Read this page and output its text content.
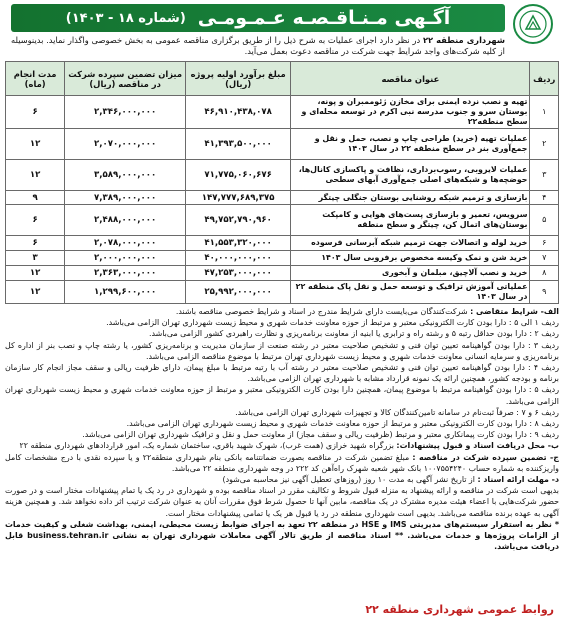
آگـهی مـنـاقـصـه عـمـومـی
(شماره ۱۸ - ۱۴۰۳)
شهرداری منطقه ۲۲ در نظر دارد اجرای عملیات به شرح ذیل را از طریق برگزاری مناقصه عمومی به بخش خصوصی واگذار نماید. بدینوسیله از کلیه شرکت‌های واجد شرایط جهت شرکت در مناقصه دعوت بعمل می‌آید.
ردیف	عنوان مناقصه	مبلغ برآورد اولیه پروژه (ریال)	میزان تضمین سپرده شرکت در مناقصه (ریال)	مدت انجام (ماه)
۱	تهیه و نصب نرده ایمنی برای مخازن ژئوممبران و پونه، بوستان سرو و جنوب مدرسه نبی اکرم در توسعه محله‌ای و سطح منطقه۲۲	۴۶,۹۱۰,۴۳۸,۰۷۸	۲,۳۴۶,۰۰۰,۰۰۰	۶
۲	عملیات تهیه (خرید) طراحی چاپ و نصب، حمل و نقل و جمع‌آوری بنر در سطح منطقه ۲۲ در سال ۱۴۰۳	۴۱,۳۹۳,۵۰۰,۰۰۰	۲,۰۷۰,۰۰۰,۰۰۰	۱۲
۳	عملیات لایروبی، رسوب‌برداری، نظافت و پاکسازی کانال‌ها، حوضچه‌ها و شبکه‌های اصلی جمع‌آوری آبهای سطحی	۷۱,۷۷۵,۰۶۰,۶۷۶	۳,۵۸۹,۰۰۰,۰۰۰	۱۲
۴	بازسازی و ترمیم شبکه روشنایی بوستان جنگلی چیتگر	۱۴۷,۷۷۷,۶۸۹,۳۷۵	۷,۳۸۹,۰۰۰,۰۰۰	۹
۵	سرویس، تعمیر و بازسازی پست‌های هوایی و کامپکت بوستان‌های اتمال کن، چیتگر و سطح منطقه	۴۹,۷۵۲,۷۹۰,۹۶۰	۲,۴۸۸,۰۰۰,۰۰۰	۶
۶	خرید لوله و اتصالات جهت ترمیم شبکه آبرسانی فرسوده	۴۱,۵۵۳,۳۲۰,۰۰۰	۲,۰۷۸,۰۰۰,۰۰۰	۶
۷	خرید شن و نمک وکیسه مخصوص برفروبی سال ۱۴۰۳	۴۰,۰۰۰,۰۰۰,۰۰۰	۲,۰۰۰,۰۰۰,۰۰۰	۳
۸	خرید و نصب آلاچیق، مبلمان و آبخوری	۴۷,۲۵۳,۰۰۰,۰۰۰	۲,۳۶۳,۰۰۰,۰۰۰	۱۲
۹	عملیاتی آموزش ترافیک و توسعه حمل و نقل پاک منطقه ۲۲ در سال ۱۴۰۳	۲۵,۹۹۲,۰۰۰,۰۰۰	۱,۲۹۹,۶۰۰,۰۰۰	۱۲

الف- شرایط متقاضی : شرکت‌کنندگان می‌بایست دارای شرایط مندرج در اسناد و شرایط خصوصی مناقصه باشند.

ردیف ۱ الی ۵ : دارا بودن کارت الکترونیکی معتبر و مرتبط از حوزه معاونت خدمات شهری و محیط زیست شهرداری تهران الزامی می‌باشد.

ردیف ۲ : دارا بودن حداقل رتبه ۵ و رشته راه و ترابری یا ابنیه از معاونت برنامه‌ریزی و نظارت راهبردی کشور الزامی می‌باشد.

ردیف ۳ : دارا بودن گواهینامه تعیین توان فنی و تشخیص صلاحیت معتبر در رشته صنعت از سازمان مدیریت و برنامه‌ریزی کشور، یا رشته چاپ و نصب بنر از اداره کل برنامه‌ریزی و سرمایه انسانی معاونت خدمات شهری و محیط زیست شهرداری تهران مرتبط با موضوع مناقصه الزامی می‌باشد.

ردیف ۴ : دارا بودن گواهینامه تعیین توان فنی و تشخیص صلاحیت معتبر در رشته آب با رتبه مرتبط با مبلغ پیمان، دارای ظرفیت ریالی و سقف مجاز انجام کار سازمان برنامه و بودجه کشور، همچنین ارائه یک نمونه قرارداد مشابه با شهرداری تهران الزامی می‌باشد.

ردیف ۵ : دارا بودن گواهینامه مرتبط با موضوع پیمان، همچنین دارا بودن کارت الکترونیکی معتبر و مرتبط از حوزه معاونت خدمات شهری و محیط زیست شهرداری تهران الزامی می‌باشد.

ردیف ۶ و ۷ : صرفاً ثبت‌نام در سامانه تامین‌کنندگان کالا و تجهیزات شهرداری تهران الزامی می‌باشد.

ردیف ۸ : دارا بودن کارت الکترونیکی معتبر و مرتبط از حوزه معاونت خدمات شهری و محیط زیست شهرداری تهران الزامی می‌باشد.

ردیف ۹ : دارا بودن کارت پیمانکاری معتبر و مرتبط (ظرفیت ریالی و سقف مجاز) از معاونت حمل و نقل و ترافیک شهرداری تهران الزامی می‌باشد.

ب- محل دریافت اسناد و قبول پیشنهادات: بزرگراه شهید خرازی (همت غرب)، شهرک شهید باقری، ساختمان شماره یک، امور قراردادهای شهرداری منطقه ۲۲

ج- تضمین سپرده شرکت در مناقصه : مبلغ تضمین شرکت در مناقصه بصورت ضمانتنامه بانکی بنام شهرداری منطقه۲۲ و یا سپرده نقدی با درج مشخصات کامل واریزکننده به شماره حساب ۱۰۰۷۵۵۴۲۴۰ بانک شهر شعبه شهرک راه‌آهن کد ۲۲۲ در وجه شهرداری منطقه ۲۲ می‌باشد.

د- مهلت ارائه اسناد : از تاریخ نشر آگهی به مدت ۱۰ روز (روزهای تعطیل آگهی نیز محاسبه می‌شود)

بدیهی است شرکت در مناقصه و ارائه پیشنهاد به منزله قبول شروط و تکالیف مقرر در اسناد مناقصه بوده و شهرداری در رد یک یا تمام پیشنهادات مختار است و در صورت حضور شرکت‌هایی با اعضاء هیئت مدیره مشترک در یک مناقصه، مابین آنها تا حصول شرط فوق مقررات آنان به عنوان شرکت ترتیب اثر داده نخواهد شد. و همچنین هزینه آگهی به عهده برنده مناقصه می‌باشد. بدیهی است شهرداری منطقه در رد یا قبول هر یک یا تمامی پیشنهادات مختار است.

* نظر به استقرار سیستم‌های مدیریتی IMS و HSE در منطقه ۲۲ تعهد به اجرای ضوابط زیست محیطی، ایمنی، بهداشت شغلی و کیفیت خدمات از الزامات پروژه‌ها و خدمات می‌باشد. ** اسناد مناقصه از طریق تالار آگهی معاملات شهرداری تهران به نشانی business.tehran.ir قابل دریافت می‌باشد.

روابط عمومی شهرداری منطقه ۲۲
